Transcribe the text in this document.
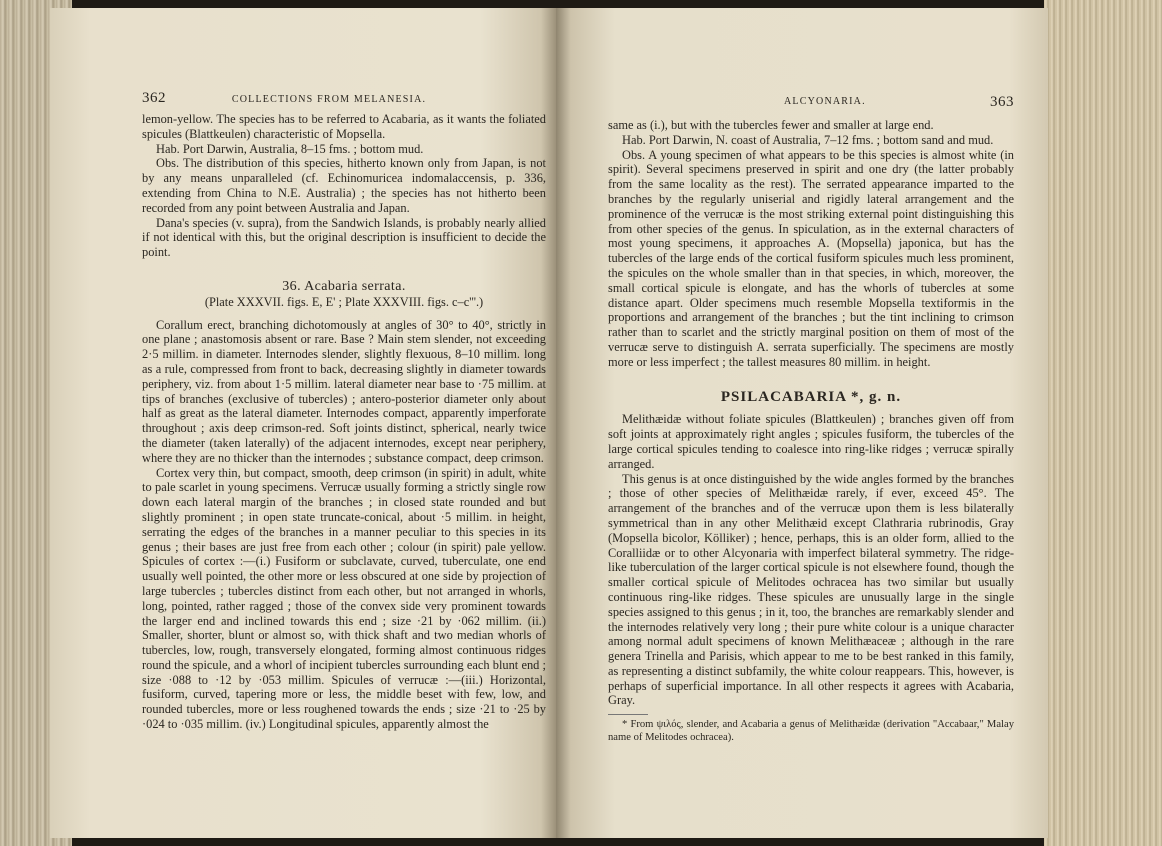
362	COLLECTIONS FROM MELANESIA.

lemon-yellow. The species has to be referred to Acabaria, as it wants the foliated spicules (Blattkeulen) characteristic of Mopsella.

Hab. Port Darwin, Australia, 8–15 fms. ; bottom mud.

Obs. The distribution of this species, hitherto known only from Japan, is not by any means unparalleled (cf. Echinomuricea indomalaccensis, p. 336, extending from China to N.E. Australia) ; the species has not hitherto been recorded from any point between Australia and Japan.

Dana's species (v. supra), from the Sandwich Islands, is probably nearly allied if not identical with this, but the original description is insufficient to decide the point.

36. Acabaria serrata.

(Plate XXXVII. figs. E, E' ; Plate XXXVIII. figs. c–c'''.)

Corallum erect, branching dichotomously at angles of 30° to 40°, strictly in one plane ; anastomosis absent or rare. Base ? Main stem slender, not exceeding 2·5 millim. in diameter. Internodes slender, slightly flexuous, 8–10 millim. long as a rule, compressed from front to back, decreasing slightly in diameter towards periphery, viz. from about 1·5 millim. lateral diameter near base to ·75 millim. at tips of branches (exclusive of tubercles) ; antero-posterior diameter only about half as great as the lateral diameter. Internodes compact, apparently imperforate throughout ; axis deep crimson-red. Soft joints distinct, spherical, nearly twice the diameter (taken laterally) of the adjacent internodes, except near periphery, where they are no thicker than the internodes ; substance compact, deep crimson.

Cortex very thin, but compact, smooth, deep crimson (in spirit) in adult, white to pale scarlet in young specimens. Verrucæ usually forming a strictly single row down each lateral margin of the branches ; in closed state rounded and but slightly prominent ; in open state truncate-conical, about ·5 millim. in height, serrating the edges of the branches in a manner peculiar to this species in its genus ; their bases are just free from each other ; colour (in spirit) pale yellow. Spicules of cortex :—(i.) Fusiform or subclavate, curved, tuberculate, one end usually well pointed, the other more or less obscured at one side by projection of large tubercles ; tubercles distinct from each other, but not arranged in whorls, long, pointed, rather ragged ; those of the convex side very prominent towards the larger end and inclined towards this end ; size ·21 by ·062 millim. (ii.) Smaller, shorter, blunt or almost so, with thick shaft and two median whorls of tubercles, low, rough, transversely elongated, forming almost continuous ridges round the spicule, and a whorl of incipient tubercles surrounding each blunt end ; size ·088 to ·12 by ·053 millim. Spicules of verrucæ :—(iii.) Horizontal, fusiform, curved, tapering more or less, the middle beset with few, low, and rounded tubercles, more or less roughened towards the ends ; size ·21 to ·25 by ·024 to ·035 millim. (iv.) Longitudinal spicules, apparently almost the

ALCYONARIA.	363

same as (i.), but with the tubercles fewer and smaller at large end.

Hab. Port Darwin, N. coast of Australia, 7–12 fms. ; bottom sand and mud.

Obs. A young specimen of what appears to be this species is almost white (in spirit). Several specimens preserved in spirit and one dry (the latter probably from the same locality as the rest). The serrated appearance imparted to the branches by the regularly uniserial and rigidly lateral arrangement and the prominence of the verrucæ is the most striking external point distinguishing this from other species of the genus. In spiculation, as in the external characters of most young specimens, it approaches A. (Mopsella) japonica, but has the tubercles of the large ends of the cortical fusiform spicules much less prominent, the spicules on the whole smaller than in that species, in which, moreover, the small cortical spicule is elongate, and has the whorls of tubercles at some distance apart. Older specimens much resemble Mopsella textiformis in the proportions and arrangement of the branches ; but the tint inclining to crimson rather than to scarlet and the strictly marginal position on them of most of the verrucæ serve to distinguish A. serrata superficially. The specimens are mostly more or less imperfect ; the tallest measures 80 millim. in height.

PSILACABARIA *, g. n.

Melithæidæ without foliate spicules (Blattkeulen) ; branches given off from soft joints at approximately right angles ; spicules fusiform, the tubercles of the large cortical spicules tending to coalesce into ring-like ridges ; verrucæ spirally arranged.

This genus is at once distinguished by the wide angles formed by the branches ; those of other species of Melithæidæ rarely, if ever, exceed 45°. The arrangement of the branches and of the verrucæ upon them is less bilaterally symmetrical than in any other Melithæid except Clathraria rubrinodis, Gray (Mopsella bicolor, Kölliker) ; hence, perhaps, this is an older form, allied to the Coralliidæ or to other Alcyonaria with imperfect bilateral symmetry. The ridge-like tuberculation of the larger cortical spicule is not elsewhere found, though the smaller cortical spicule of Melitodes ochracea has two similar but usually continuous ring-like ridges. These spicules are unusually large in the single species assigned to this genus ; in it, too, the branches are remarkably slender and the internodes relatively very long ; their pure white colour is a unique character among normal adult specimens of known Melithæaceæ ; although in the rare genera Trinella and Parisis, which appear to me to be best ranked in this family, as representing a distinct subfamily, the white colour reappears. This, however, is perhaps of superficial importance. In all other respects it agrees with Acabaria, Gray.

* From ψιλός, slender, and Acabaria a genus of Melithæidæ (derivation "Accabaar," Malay name of Melitodes ochracea).
